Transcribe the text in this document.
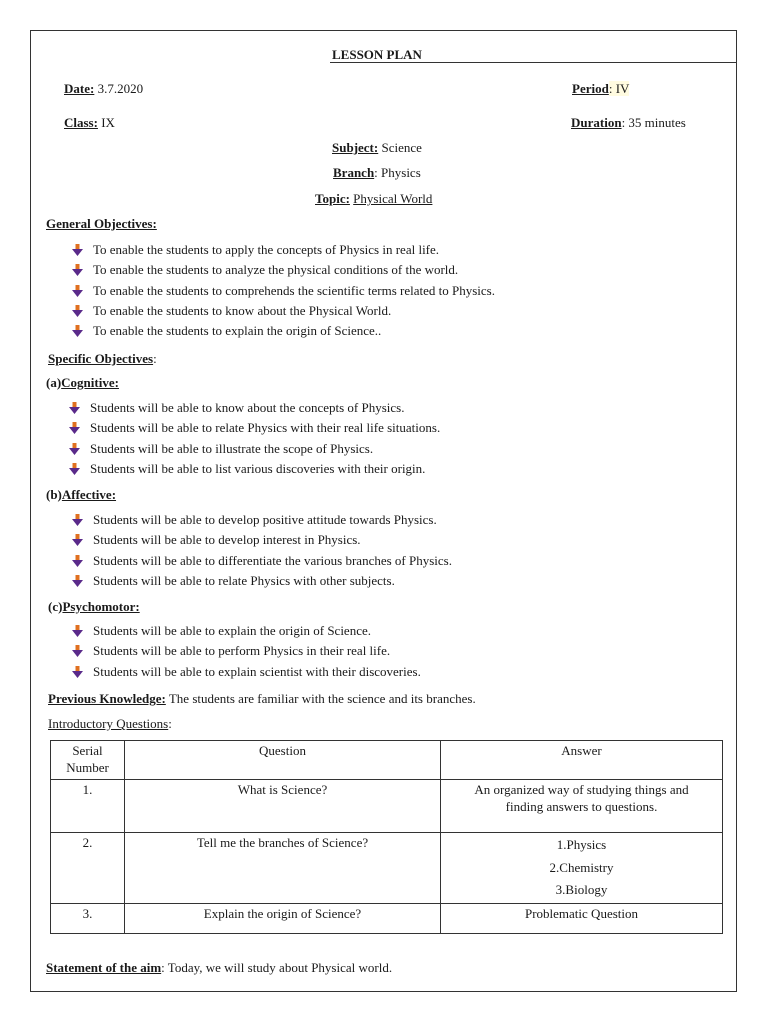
LESSON PLAN
Date: 3.7.2020	Period: IV
Class: IX	Duration: 35 minutes
Subject: Science
Branch: Physics
Topic: Physical World
General Objectives:
To enable the students to apply the concepts of Physics in real life.
To enable the students to analyze the physical conditions of the world.
To enable the students to comprehends the scientific terms related to Physics.
To enable the students to know about the Physical World.
To enable the students to explain the origin of Science..
Specific Objectives:
(a)Cognitive:
Students will be able to know about the concepts of Physics.
Students will be able to relate Physics with their real life situations.
Students will be able to illustrate the scope of Physics.
Students will be able to list various discoveries with their origin.
(b)Affective:
Students will be able to develop positive attitude towards Physics.
Students will be able to develop interest in Physics.
Students will be able to differentiate the various branches of Physics.
Students will be able to relate Physics with other subjects.
(c)Psychomotor:
Students will be able to explain the origin of Science.
Students will be able to perform Physics in their real life.
Students will be able to explain scientist with their discoveries.
Previous Knowledge: The students are familiar with the science and its branches.
Introductory Questions:
Serial
Number	Question	Answer
1.	What is Science?	An organized way of studying things and
finding answers to questions.

2.	Tell me the branches of Science?	1.Physics
2.Chemistry
3.Biology

3.	Explain the origin of Science?	Problematic Question
Statement of the aim: Today, we will study about Physical world.
